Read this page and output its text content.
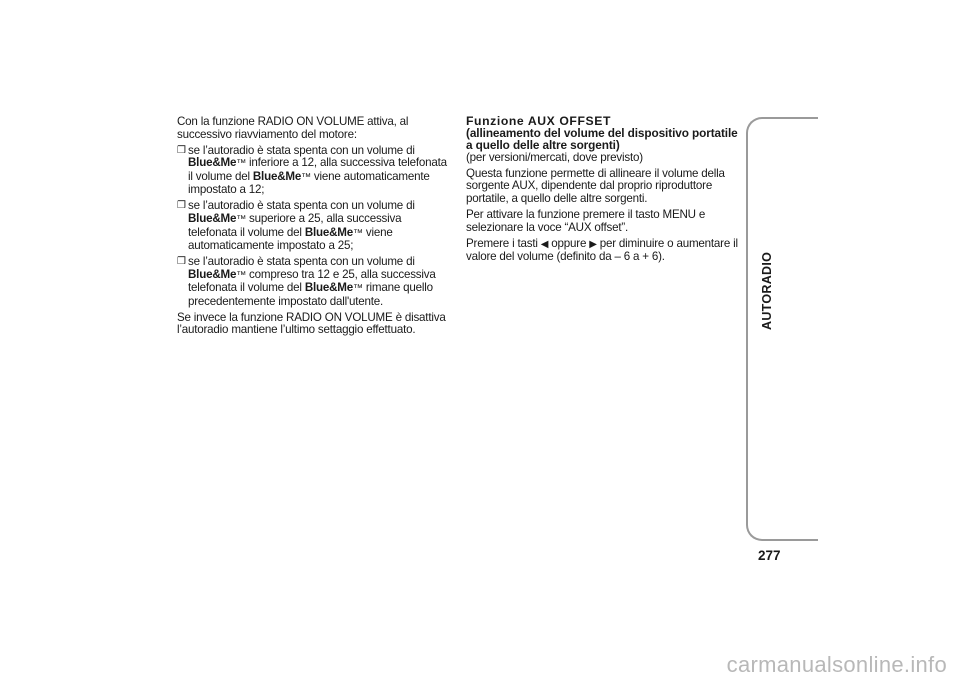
Con la funzione RADIO ON VOLUME attiva, al successivo riavviamento del motore:

❒ se l’autoradio è stata spenta con un volume di Blue&Me™ inferiore a 12, alla successiva telefonata il volume del Blue&Me™ viene automaticamente impostato a 12;
❒ se l’autoradio è stata spenta con un volume di Blue&Me™ superiore a 25, alla successiva telefonata il volume del Blue&Me™ viene automaticamente impostato a 25;
❒ se l’autoradio è stata spenta con un volume di Blue&Me™ compreso tra 12 e 25, alla successiva telefonata il volume del Blue&Me™ rimane quello precedentemente impostato dall'utente.

Se invece la funzione RADIO ON VOLUME è disattiva l’autoradio mantiene l’ultimo settaggio effettuato.

Funzione AUX OFFSET
(allineamento del volume del dispositivo portatile a quello delle altre sorgenti)

(per versioni/mercati, dove previsto)

Questa funzione permette di allineare il volume della sorgente AUX, dipendente dal proprio riproduttore portatile, a quello delle altre sorgenti.

Per attivare la funzione premere il tasto MENU e selezionare la voce “AUX offset”.

Premere i tasti ◀ oppure ▶ per diminuire o aumentare il valore del volume (definito da – 6 a + 6).	AUTORADIO
277
carmanualsonline.info
